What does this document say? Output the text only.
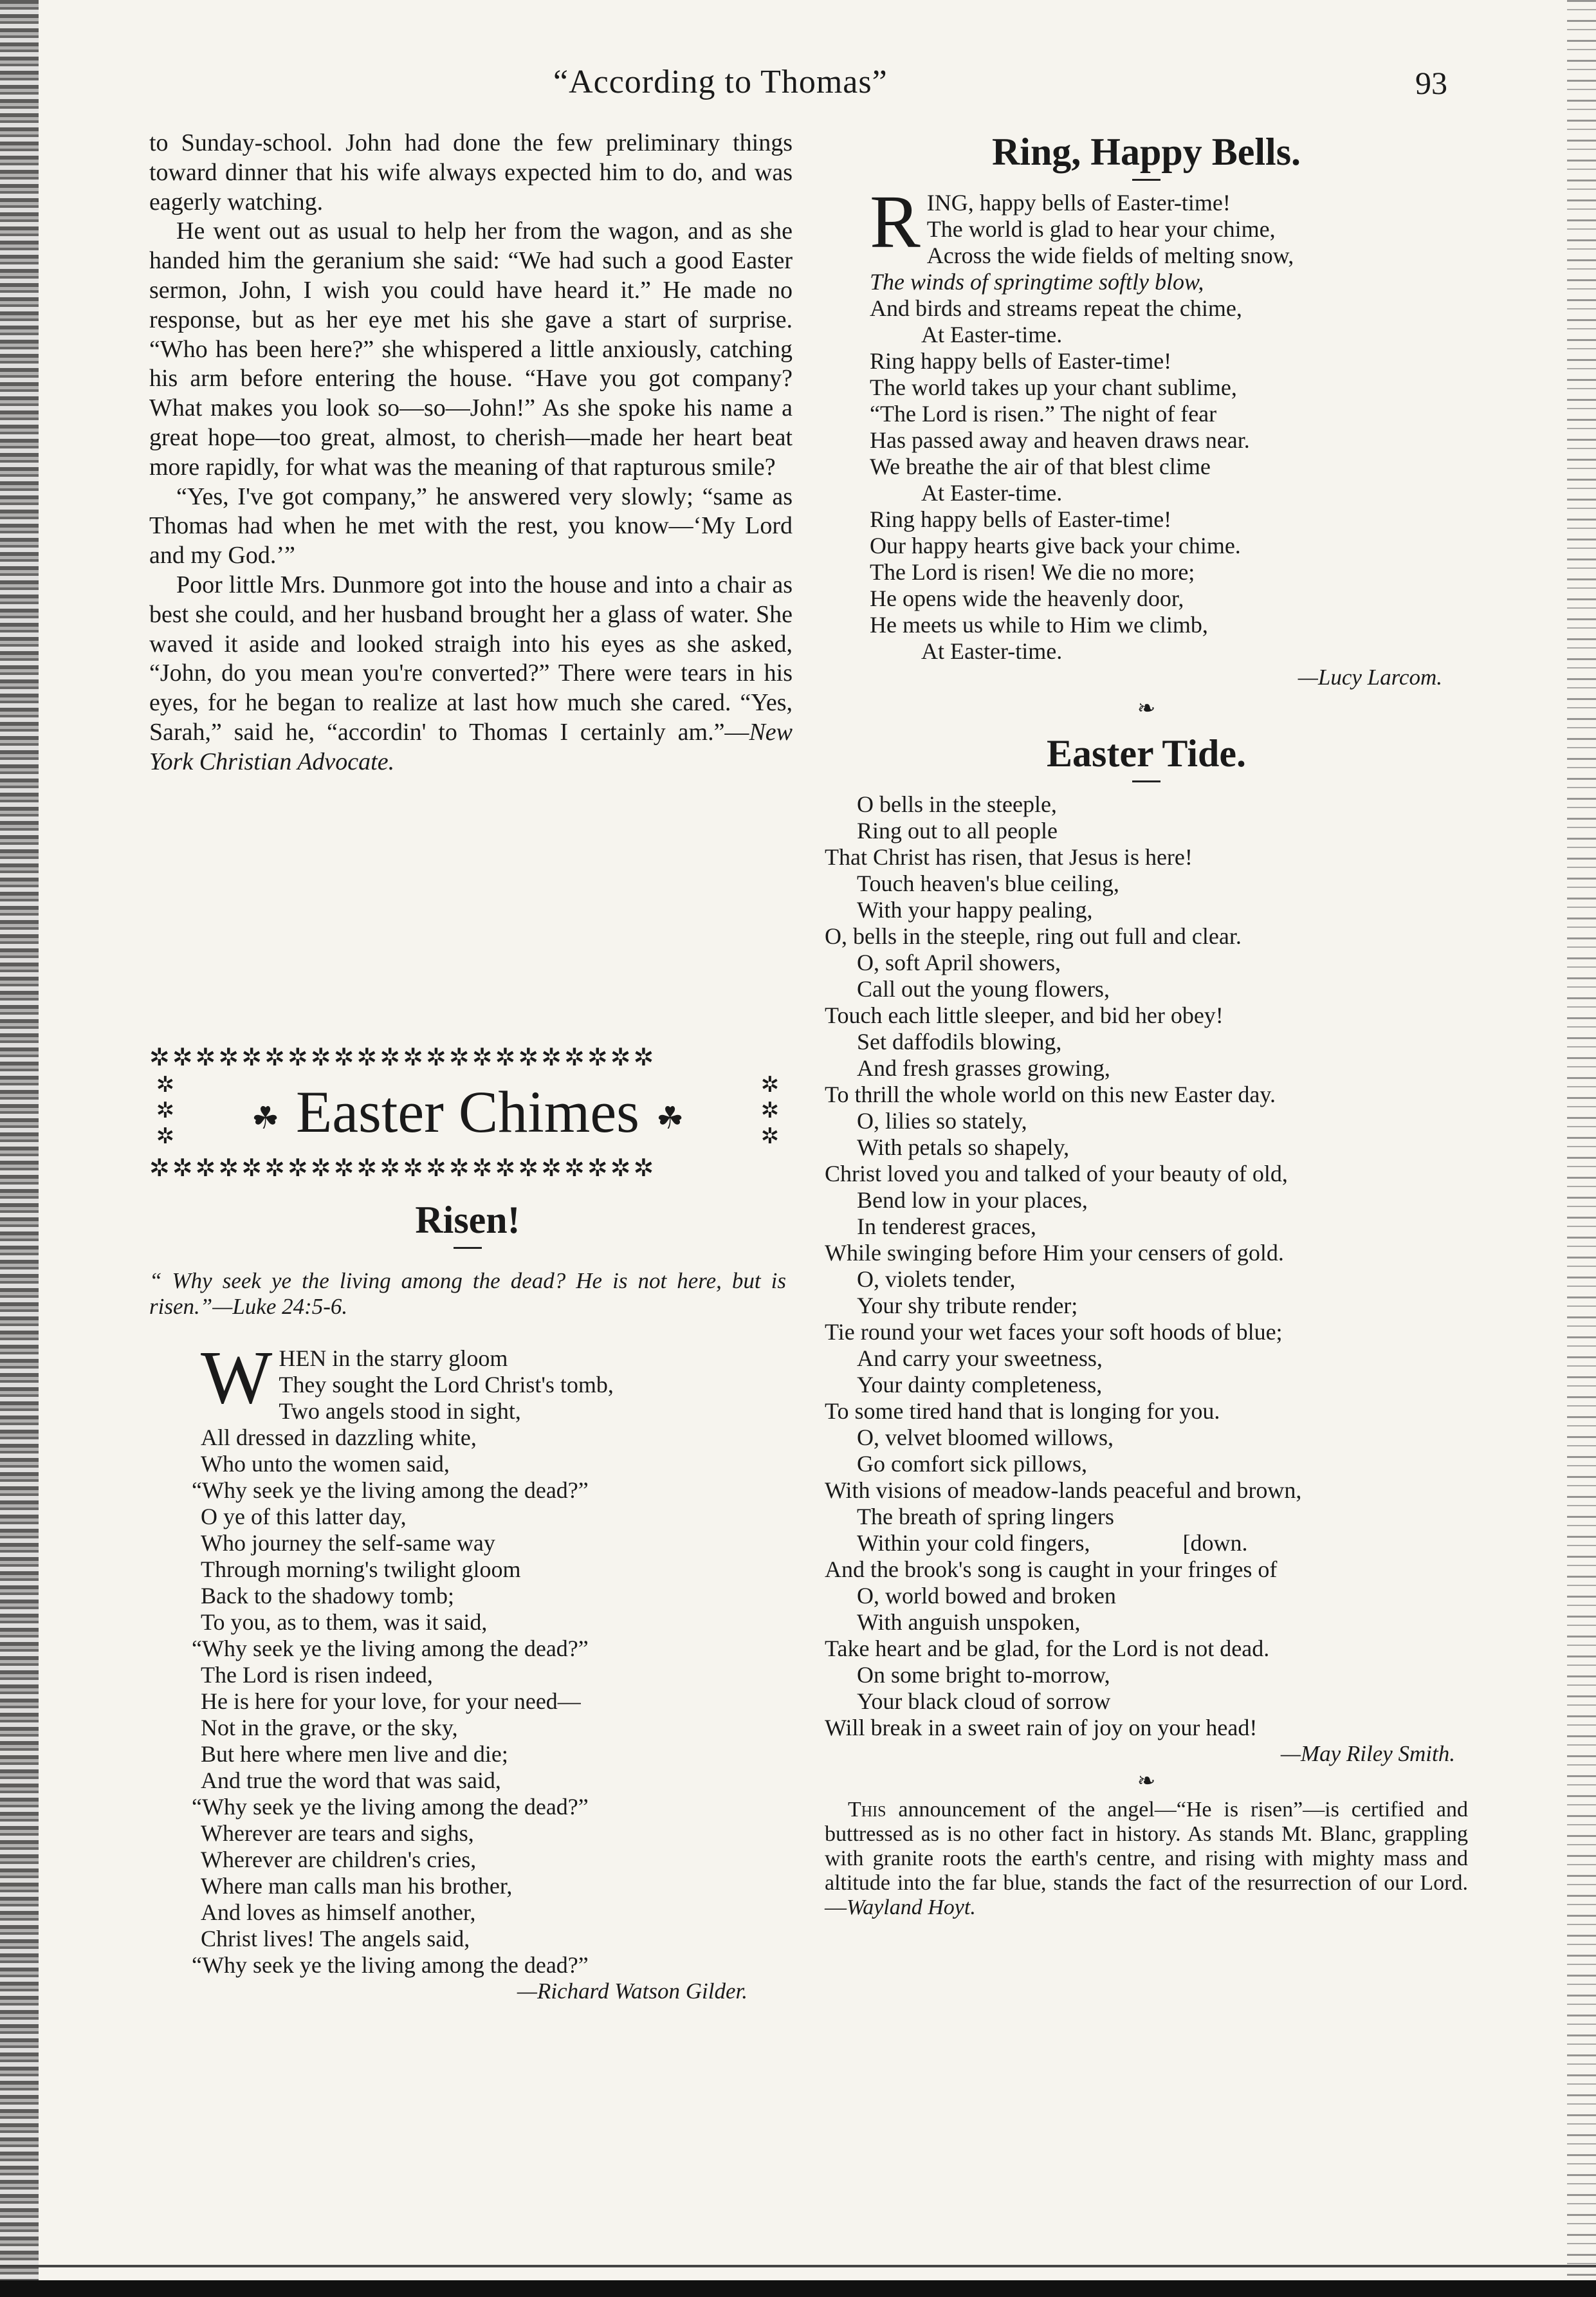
“According to Thomas”	93

to Sunday-school. John had done the few preliminary things toward dinner that his wife always expected him to do, and was eagerly watching.

He went out as usual to help her from the wagon, and as she handed him the geranium she said: “We had such a good Easter sermon, John, I wish you could have heard it.” He made no response, but as her eye met his she gave a start of surprise. “Who has been here?” she whispered a little anxiously, catching his arm before entering the house. “Have you got company? What makes you look so—so—John!” As she spoke his name a great hope—too great, almost, to cherish—made her heart beat more rapidly, for what was the meaning of that rapturous smile?

“Yes, I've got company,” he answered very slowly; “same as Thomas had when he met with the rest, you know—‘My Lord and my God.’”

Poor little Mrs. Dunmore got into the house and into a chair as best she could, and her husband brought her a glass of water. She waved it aside and looked straigh into his eyes as she asked, “John, do you mean you're converted?” There were tears in his eyes, for he began to realize at last how much she cared. “Yes, Sarah,” said he, “accordin' to Thomas I certainly am.”—New York Christian Advocate.

✲✲✲✲✲✲✲✲✲✲✲✲✲✲✲✲✲✲✲✲✲✲
✲
✲
✲
✲
✲
✲
☘ Easter Chimes ☘
✲✲✲✲✲✲✲✲✲✲✲✲✲✲✲✲✲✲✲✲✲✲
Risen!
“ Why seek ye the living among the dead? He is not here, but is risen.”—Luke 24:5-6.
W HEN in the starry gloom
They sought the Lord Christ's tomb,
Two angels stood in sight,
All dressed in dazzling white,
Who unto the women said,
“Why seek ye the living among the dead?”
O ye of this latter day,
Who journey the self-same way
Through morning's twilight gloom
Back to the shadowy tomb;
To you, as to them, was it said,
“Why seek ye the living among the dead?”
The Lord is risen indeed,
He is here for your love, for your need—
Not in the grave, or the sky,
But here where men live and die;
And true the word that was said,
“Why seek ye the living among the dead?”
Wherever are tears and sighs,
Wherever are children's cries,
Where man calls man his brother,
And loves as himself another,
Christ lives! The angels said,
“Why seek ye the living among the dead?”
—Richard Watson Gilder.
Ring, Happy Bells.
R ING, happy bells of Easter-time!
The world is glad to hear your chime,
Across the wide fields of melting snow,
The winds of springtime softly blow,
And birds and streams repeat the chime,
At Easter-time.
Ring happy bells of Easter-time!
The world takes up your chant sublime,
“The Lord is risen.” The night of fear
Has passed away and heaven draws near.
We breathe the air of that blest clime
At Easter-time.
Ring happy bells of Easter-time!
Our happy hearts give back your chime.
The Lord is risen! We die no more;
He opens wide the heavenly door,
He meets us while to Him we climb,
At Easter-time.
—Lucy Larcom.
❧
Easter Tide.
O bells in the steeple,
Ring out to all people
That Christ has risen, that Jesus is here!
Touch heaven's blue ceiling,
With your happy pealing,
O, bells in the steeple, ring out full and clear.
O, soft April showers,
Call out the young flowers,
Touch each little sleeper, and bid her obey!
Set daffodils blowing,
And fresh grasses growing,
To thrill the whole world on this new Easter day.
O, lilies so stately,
With petals so shapely,
Christ loved you and talked of your beauty of old,
Bend low in your places,
In tenderest graces,
While swinging before Him your censers of gold.
O, violets tender,
Your shy tribute render;
Tie round your wet faces your soft hoods of blue;
And carry your sweetness,
Your dainty completeness,
To some tired hand that is longing for you.
O, velvet bloomed willows,
Go comfort sick pillows,
With visions of meadow-lands peaceful and brown,
The breath of spring lingers
Within your cold fingers,                [down.
And the brook's song is caught in your fringes of
O, world bowed and broken
With anguish unspoken,
Take heart and be glad, for the Lord is not dead.
On some bright to-morrow,
Your black cloud of sorrow
Will break in a sweet rain of joy on your head!
—May Riley Smith.
❧

This announcement of the angel—“He is risen”—is certified and buttressed as is no other fact in history. As stands Mt. Blanc, grappling with granite roots the earth's centre, and rising with mighty mass and altitude into the far blue, stands the fact of the resurrection of our Lord.—Wayland Hoyt.
